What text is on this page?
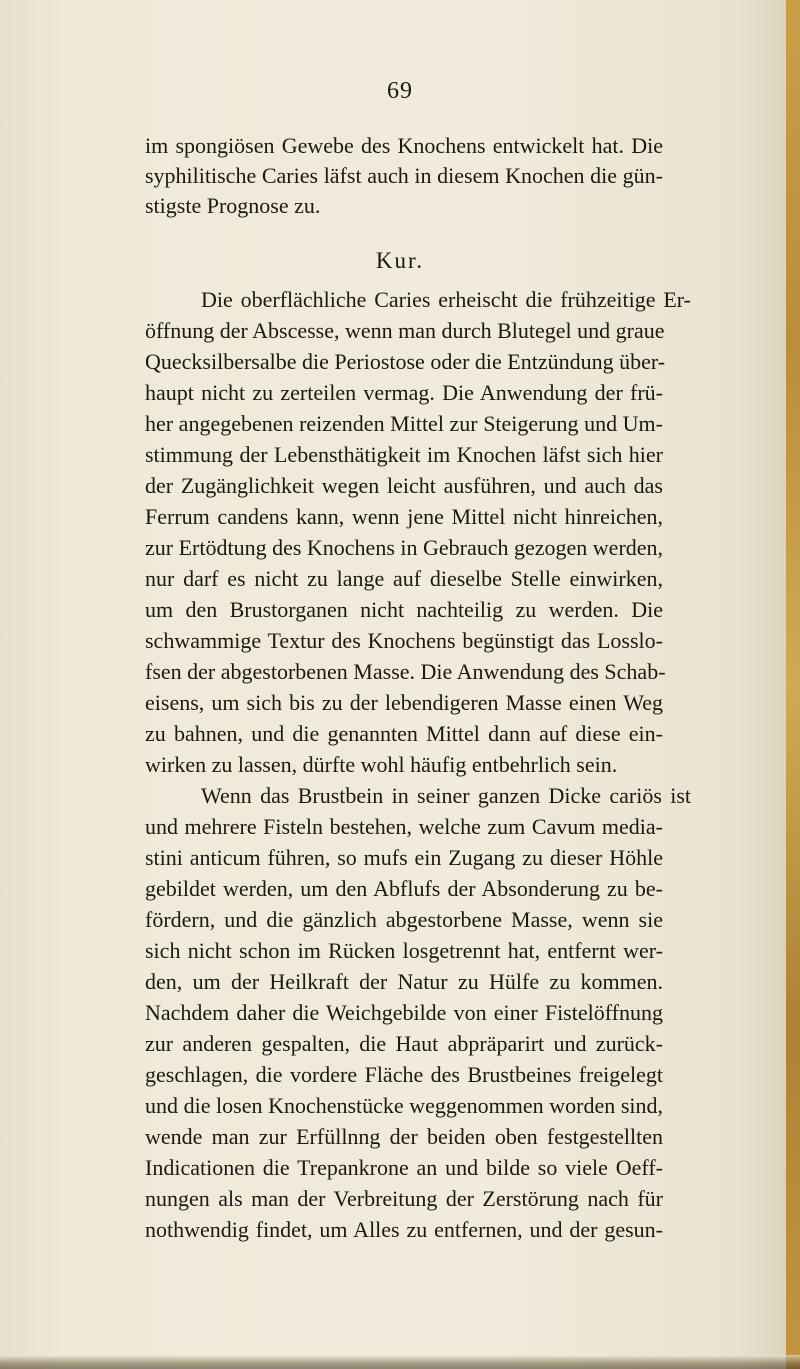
69
im spongiösen Gewebe des Knochens entwickelt hat. Die
syphilitische Caries läfst auch in diesem Knochen die gün-
stigste Prognose zu.
Kur.
Die oberflächliche Caries erheischt die frühzeitige Er-
öffnung der Abscesse, wenn man durch Blutegel und graue
Quecksilbersalbe die Periostose oder die Entzündung über-
haupt nicht zu zerteilen vermag. Die Anwendung der frü-
her angegebenen reizenden Mittel zur Steigerung und Um-
stimmung der Lebensthätigkeit im Knochen läfst sich hier
der Zugänglichkeit wegen leicht ausführen, und auch das
Ferrum candens kann, wenn jene Mittel nicht hinreichen,
zur Ertödtung des Knochens in Gebrauch gezogen werden,
nur darf es nicht zu lange auf dieselbe Stelle einwirken,
um den Brustorganen nicht nachteilig zu werden. Die
schwammige Textur des Knochens begünstigt das Losslo-
fsen der abgestorbenen Masse. Die Anwendung des Schab-
eisens, um sich bis zu der lebendigeren Masse einen Weg
zu bahnen, und die genannten Mittel dann auf diese ein-
wirken zu lassen, dürfte wohl häufig entbehrlich sein.
Wenn das Brustbein in seiner ganzen Dicke cariös ist
und mehrere Fisteln bestehen, welche zum Cavum media-
stini anticum führen, so mufs ein Zugang zu dieser Höhle
gebildet werden, um den Abflufs der Absonderung zu be-
fördern, und die gänzlich abgestorbene Masse, wenn sie
sich nicht schon im Rücken losgetrennt hat, entfernt wer-
den, um der Heilkraft der Natur zu Hülfe zu kommen.
Nachdem daher die Weichgebilde von einer Fistelöffnung
zur anderen gespalten, die Haut abpräparirt und zurück-
geschlagen, die vordere Fläche des Brustbeines freigelegt
und die losen Knochenstücke weggenommen worden sind,
wende man zur Erfüllnng der beiden oben festgestellten
Indicationen die Trepankrone an und bilde so viele Oeff-
nungen als man der Verbreitung der Zerstörung nach für
nothwendig findet, um Alles zu entfernen, und der gesun-
